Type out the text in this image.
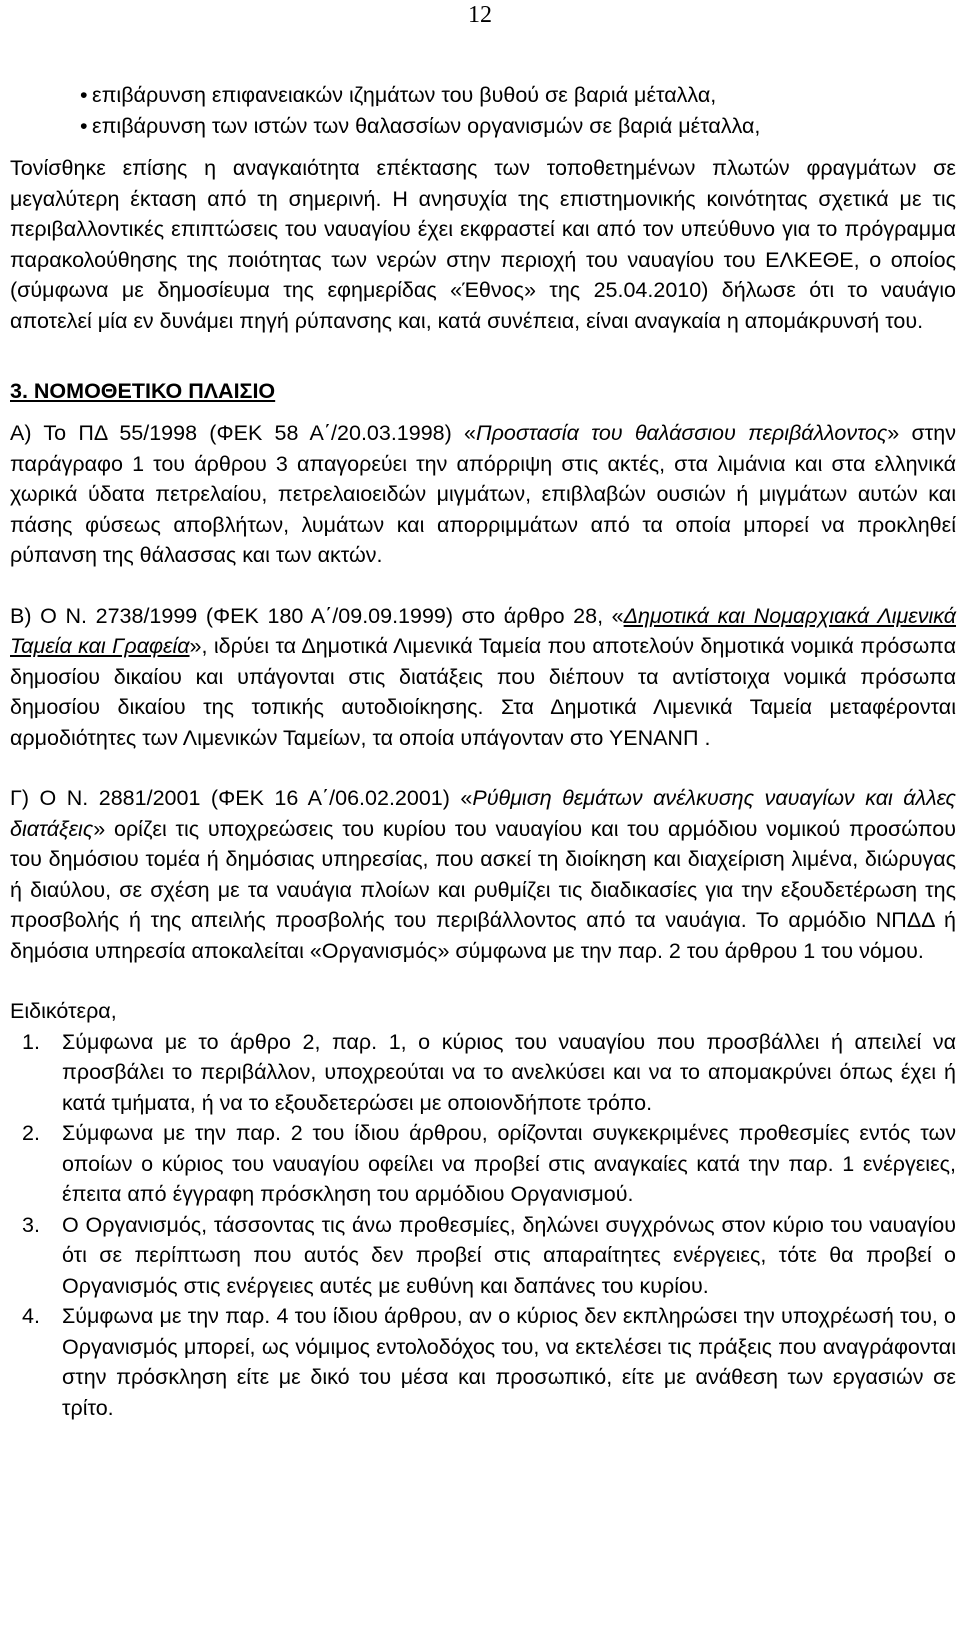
12
• επιβάρυνση επιφανειακών ιζημάτων του βυθού σε βαριά μέταλλα,
• επιβάρυνση των ιστών των θαλασσίων οργανισμών σε βαριά μέταλλα,

Τονίσθηκε επίσης η αναγκαιότητα επέκτασης των τοποθετημένων πλωτών φραγμάτων σε μεγαλύτερη έκταση από τη σημερινή. Η ανησυχία της επιστημονικής κοινότητας σχετικά με τις περιβαλλοντικές επιπτώσεις του ναυαγίου έχει εκφραστεί και από τον υπεύθυνο για το πρόγραμμα παρακολούθησης της ποιότητας των νερών στην περιοχή του ναυαγίου του ΕΛΚΕΘΕ, ο οποίος (σύμφωνα με δημοσίευμα της εφημερίδας «Έθνος» της 25.04.2010) δήλωσε ότι το ναυάγιο αποτελεί μία εν δυνάμει πηγή ρύπανσης και, κατά συνέπεια, είναι αναγκαία η απομάκρυνσή του.

3. ΝΟΜΟΘΕΤΙΚΟ ΠΛΑΙΣΙΟ

Α) Το ΠΔ 55/1998 (ΦΕΚ 58 Α΄/20.03.1998) «Προστασία του θαλάσσιου περιβάλλοντος» στην παράγραφο 1 του άρθρου 3 απαγορεύει την απόρριψη στις ακτές, στα λιμάνια και στα ελληνικά χωρικά ύδατα πετρελαίου, πετρελαιοειδών μιγμάτων, επιβλαβών ουσιών ή μιγμάτων αυτών και πάσης φύσεως αποβλήτων, λυμάτων και απορριμμάτων από τα οποία μπορεί να προκληθεί ρύπανση της θάλασσας και των ακτών.

Β) Ο Ν. 2738/1999 (ΦΕΚ 180 Α΄/09.09.1999) στο άρθρο 28, «Δημοτικά και Νομαρχιακά Λιμενικά Ταμεία και Γραφεία», ιδρύει τα Δημοτικά Λιμενικά Ταμεία που αποτελούν δημοτικά νομικά πρόσωπα δημοσίου δικαίου και υπάγονται στις διατάξεις που διέπουν τα αντίστοιχα νομικά πρόσωπα δημοσίου δικαίου της τοπικής αυτοδιοίκησης. Στα Δημοτικά Λιμενικά Ταμεία μεταφέρονται αρμοδιότητες των Λιμενικών Ταμείων, τα οποία υπάγονταν στο ΥΕΝΑΝΠ .

Γ) Ο Ν. 2881/2001 (ΦΕΚ 16 Α΄/06.02.2001) «Ρύθμιση θεμάτων ανέλκυσης ναυαγίων και άλλες διατάξεις» ορίζει τις υποχρεώσεις του κυρίου του ναυαγίου και του αρμόδιου νομικού προσώπου του δημόσιου τομέα ή δημόσιας υπηρεσίας, που ασκεί τη διοίκηση και διαχείριση λιμένα, διώρυγας ή διαύλου, σε σχέση με τα ναυάγια πλοίων και ρυθμίζει τις διαδικασίες για την εξουδετέρωση της προσβολής ή της απειλής προσβολής του περιβάλλοντος από τα ναυάγια. Το αρμόδιο ΝΠΔΔ ή δημόσια υπηρεσία αποκαλείται «Οργανισμός» σύμφωνα με την παρ. 2 του άρθρου 1 του νόμου.

Ειδικότερα,

1. Σύμφωνα με το άρθρο 2, παρ. 1, ο κύριος του ναυαγίου που προσβάλλει ή απειλεί να προσβάλει το περιβάλλον, υποχρεούται να το ανελκύσει και να το απομακρύνει όπως έχει ή κατά τμήματα, ή να το εξουδετερώσει με οποιονδήποτε τρόπο.
2. Σύμφωνα με την παρ. 2 του ίδιου άρθρου, ορίζονται συγκεκριμένες προθεσμίες εντός των οποίων ο κύριος του ναυαγίου οφείλει να προβεί στις αναγκαίες κατά την παρ. 1 ενέργειες, έπειτα από έγγραφη πρόσκληση του αρμόδιου Οργανισμού.
3. Ο Οργανισμός, τάσσοντας τις άνω προθεσμίες, δηλώνει συγχρόνως στον κύριο του ναυαγίου ότι σε περίπτωση που αυτός δεν προβεί στις απαραίτητες ενέργειες, τότε θα προβεί ο Οργανισμός στις ενέργειες αυτές με ευθύνη και δαπάνες του κυρίου.
4. Σύμφωνα με την παρ. 4 του ίδιου άρθρου, αν ο κύριος δεν εκπληρώσει την υποχρέωσή του, ο Οργανισμός μπορεί, ως νόμιμος εντολοδόχος του, να εκτελέσει τις πράξεις που αναγράφονται στην πρόσκληση είτε με δικό του μέσα και προσωπικό, είτε με ανάθεση των εργασιών σε τρίτο.
